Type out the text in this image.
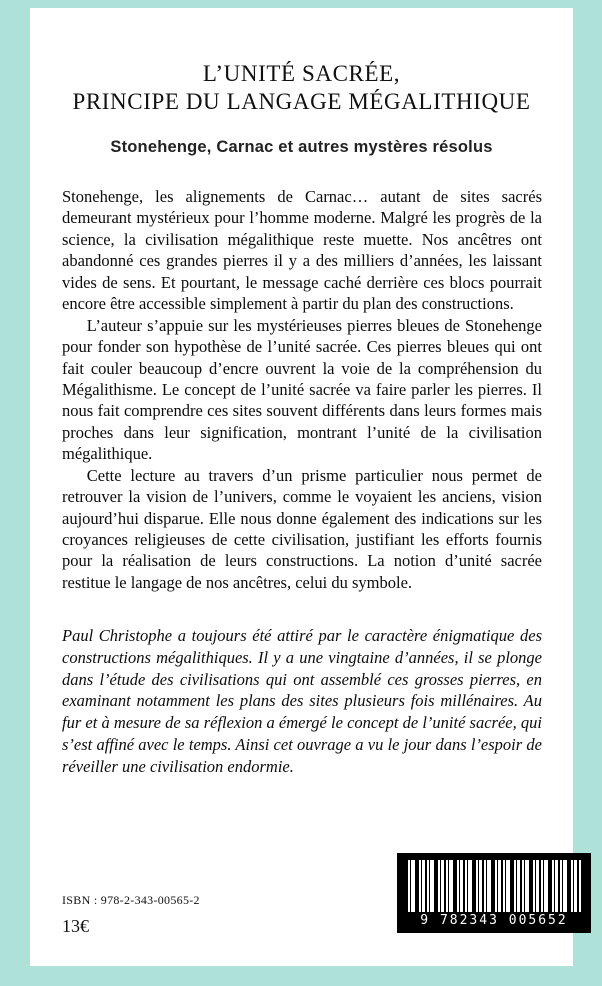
L’UNITÉ SACRÉE,
PRINCIPE DU LANGAGE MÉGALITHIQUE
Stonehenge, Carnac et autres mystères résolus

Stonehenge, les alignements de Carnac… autant de sites sacrés demeurant mystérieux pour l’homme moderne. Malgré les progrès de la science, la civilisation mégalithique reste muette. Nos ancêtres ont abandonné ces grandes pierres il y a des milliers d’années, les laissant vides de sens. Et pourtant, le message caché derrière ces blocs pourrait encore être accessible simplement à partir du plan des constructions.

L’auteur s’appuie sur les mystérieuses pierres bleues de Stonehenge pour fonder son hypothèse de l’unité sacrée. Ces pierres bleues qui ont fait couler beaucoup d’encre ouvrent la voie de la compréhension du Mégalithisme. Le concept de l’unité sacrée va faire parler les pierres. Il nous fait comprendre ces sites souvent différents dans leurs formes mais proches dans leur signification, montrant l’unité de la civilisation mégalithique.

Cette lecture au travers d’un prisme particulier nous permet de retrouver la vision de l’univers, comme le voyaient les anciens, vision aujourd’hui disparue. Elle nous donne également des indications sur les croyances religieuses de cette civilisation, justifiant les efforts fournis pour la réalisation de leurs constructions. La notion d’unité sacrée restitue le langage de nos ancêtres, celui du symbole.

Paul Christophe a toujours été attiré par le caractère énigmatique des constructions mégalithiques. Il y a une vingtaine d’années, il se plonge dans l’étude des civilisations qui ont assemblé ces grosses pierres, en examinant notamment les plans des sites plusieurs fois millénaires. Au fur et à mesure de sa réflexion a émergé le concept de l’unité sacrée, qui s’est affiné avec le temps. Ainsi cet ouvrage a vu le jour dans l’espoir de réveiller une civilisation endormie.
ISBN : 978-2-343-00565-2
13€	9 782343 005652
